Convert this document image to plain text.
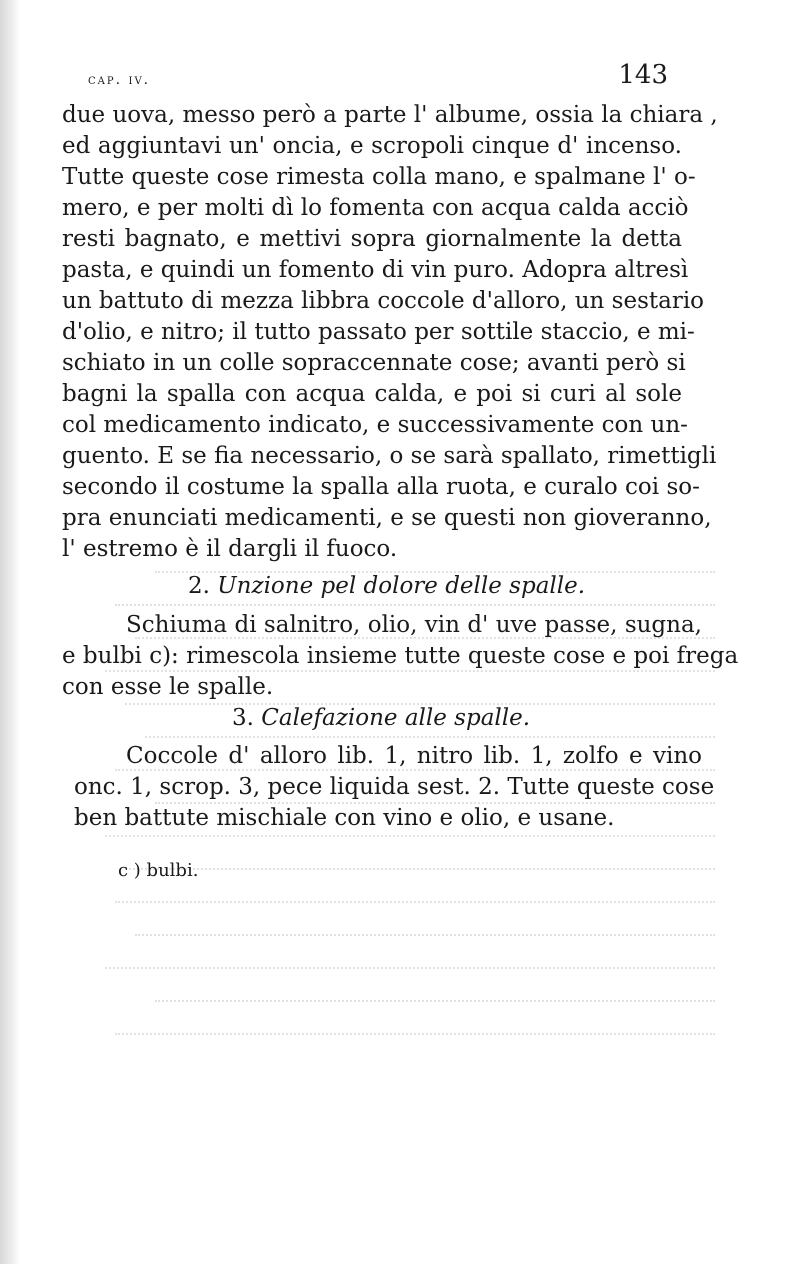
cap. iv.	143
due uova, messo però a parte l' albume, ossia la chiara ,
ed aggiuntavi un' oncia, e scropoli cinque d' incenso.
Tutte queste cose rimesta colla mano, e spalmane l' o-
mero, e per molti dì lo fomenta con acqua calda acciò
resti bagnato, e mettivi sopra giornalmente la detta
pasta, e quindi un fomento di vin puro. Adopra altresì
un battuto di mezza libbra coccole d'alloro, un sestario
d'olio, e nitro; il tutto passato per sottile staccio, e mi-
schiato in un colle sopraccennate cose; avanti però si
bagni la spalla con acqua calda, e poi si curi al sole
col medicamento indicato, e successivamente con un-
guento. E se fia necessario, o se sarà spallato, rimettigli
secondo il costume la spalla alla ruota, e curalo coi so-
pra enunciati medicamenti, e se questi non gioveranno,
l' estremo è il dargli il fuoco.
2. Unzione pel dolore delle spalle.
Schiuma di salnitro, olio, vin d' uve passe, sugna,
e bulbi c): rimescola insieme tutte queste cose e poi frega
con esse le spalle.
3. Calefazione alle spalle.
Coccole d' alloro lib. 1, nitro lib. 1, zolfo e vino
onc. 1, scrop. 3, pece liquida sest. 2. Tutte queste cose
ben battute mischiale con vino e olio, e usane.
c ) bulbi.
